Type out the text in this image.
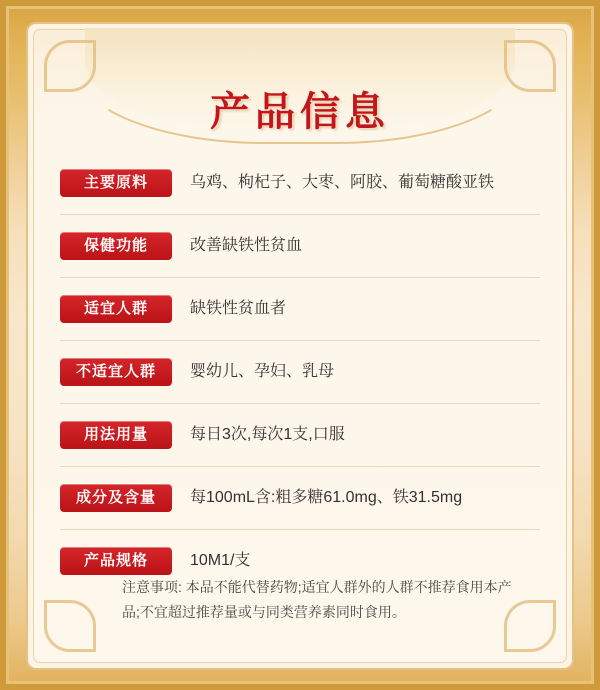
产品信息
主要原料	乌鸡、枸杞子、大枣、阿胶、葡萄糖酸亚铁
保健功能	改善缺铁性贫血
适宜人群	缺铁性贫血者
不适宜人群	婴幼儿、孕妇、乳母
用法用量	每日3次,每次1支,口服
成分及含量	每100mL含:粗多糖61.0mg、铁31.5mg
产品规格	10M1/支
注意事项: 本品不能代替药物;适宜人群外的人群不推荐食用本产品;不宜超过推荐量或与同类营养素同时食用。
